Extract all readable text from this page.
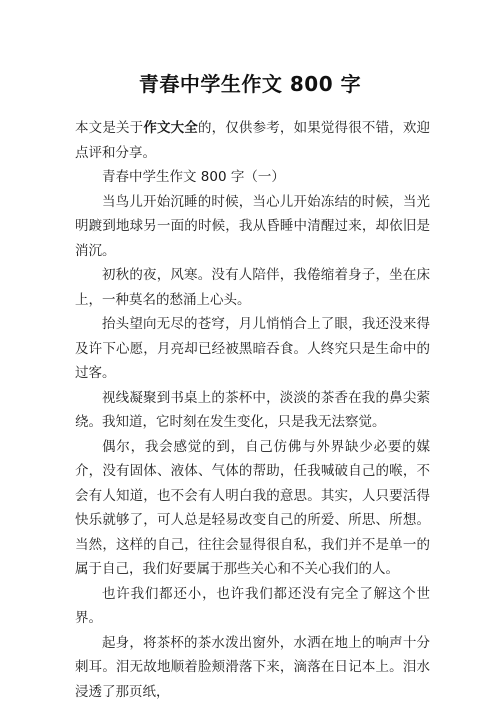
青春中学生作文 800 字

本文是关于作文大全的，仅供参考，如果觉得很不错，欢迎点评和分享。

青春中学生作文 800 字（一）

当鸟儿开始沉睡的时候，当心儿开始冻结的时候，当光明踱到地球另一面的时候，我从昏睡中清醒过来，却依旧是消沉。

初秋的夜，风寒。没有人陪伴，我倦缩着身子，坐在床上，一种莫名的愁涌上心头。

抬头望向无尽的苍穹，月儿悄悄合上了眼，我还没来得及许下心愿，月亮却已经被黑暗吞食。人终究只是生命中的过客。

视线凝聚到书桌上的茶杯中，淡淡的茶香在我的鼻尖萦绕。我知道，它时刻在发生变化，只是我无法察觉。

偶尔，我会感觉的到，自己仿佛与外界缺少必要的媒介，没有固体、液体、气体的帮助，任我喊破自己的喉，不会有人知道，也不会有人明白我的意思。其实，人只要活得快乐就够了，可人总是轻易改变自己的所爱、所思、所想。当然，这样的自己，往往会显得很自私，我们并不是单一的属于自己，我们好要属于那些关心和不关心我们的人。

也许我们都还小，也许我们都还没有完全了解这个世界。

起身，将茶杯的茶水泼出窗外，水洒在地上的响声十分刺耳。泪无故地顺着脸颊滑落下来，滴落在日记本上。泪水浸透了那页纸，
